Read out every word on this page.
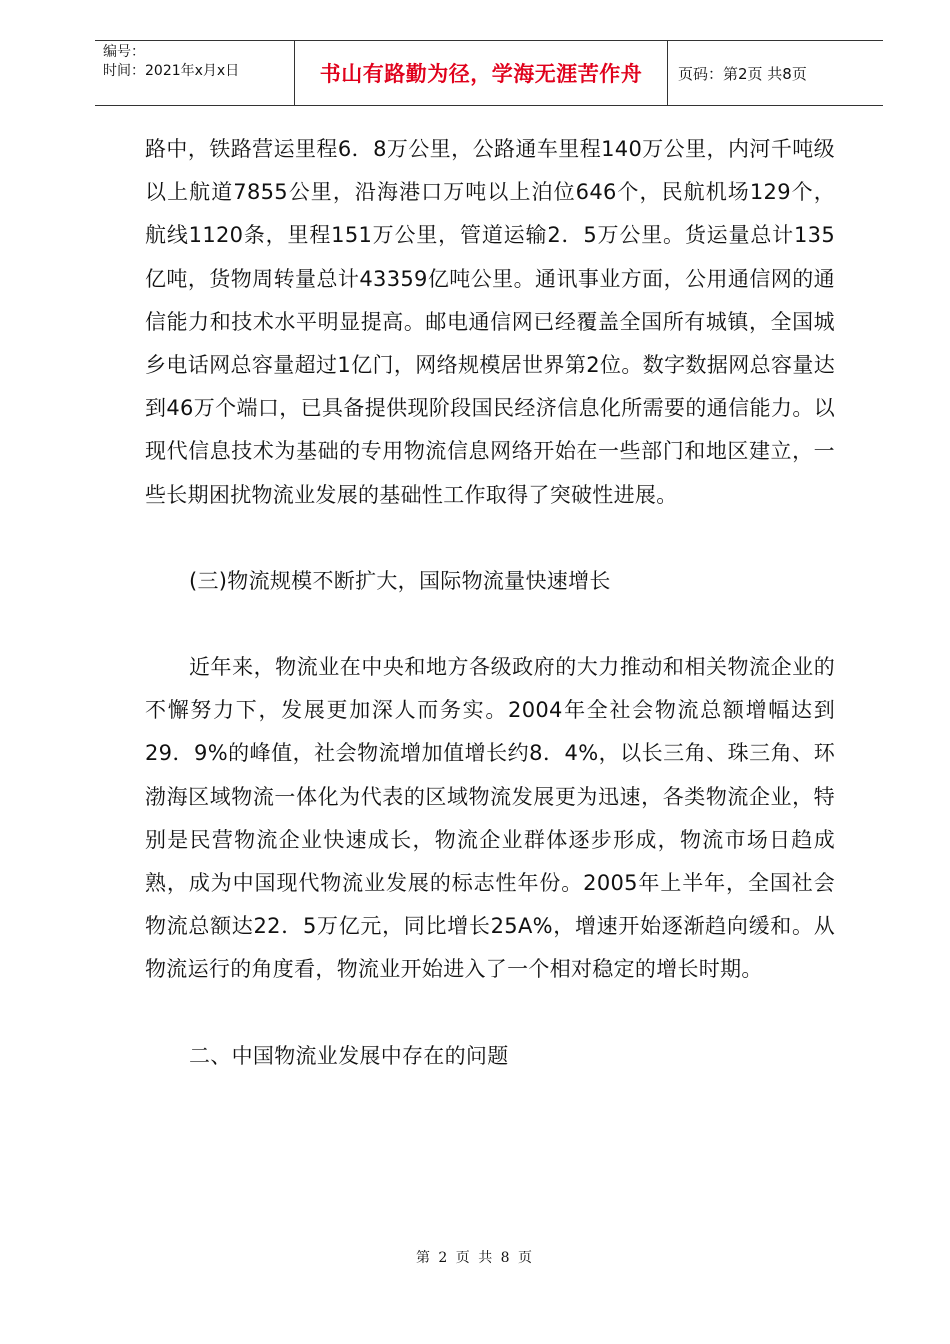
编号：
时间：2021年x月x日	书山有路勤为径，学海无涯苦作舟	页码：第2页 共8页

路中，铁路营运里程6．8万公里，公路通车里程140万公里，内河千吨级以上航道7855公里，沿海港口万吨以上泊位646个，民航机场129个，航线1120条，里程151万公里，管道运输2．5万公里。货运量总计135亿吨，货物周转量总计43359亿吨公里。通讯事业方面，公用通信网的通信能力和技术水平明显提高。邮电通信网已经覆盖全国所有城镇，全国城乡电话网总容量超过1亿门，网络规模居世界第2位。数字数据网总容量达到46万个端口，已具备提供现阶段国民经济信息化所需要的通信能力。以现代信息技术为基础的专用物流信息网络开始在一些部门和地区建立，一些长期困扰物流业发展的基础性工作取得了突破性进展。

(三)物流规模不断扩大，国际物流量快速增长

近年来，物流业在中央和地方各级政府的大力推动和相关物流企业的不懈努力下，发展更加深人而务实。2004年全社会物流总额增幅达到29．9%的峰值，社会物流增加值增长约8．4%，以长三角、珠三角、环渤海区域物流一体化为代表的区域物流发展更为迅速，各类物流企业，特别是民营物流企业快速成长，物流企业群体逐步形成，物流市场日趋成熟，成为中国现代物流业发展的标志性年份。2005年上半年，全国社会物流总额达22．5万亿元，同比增长25A%，增速开始逐渐趋向缓和。从物流运行的角度看，物流业开始进入了一个相对稳定的增长时期。

二、中国物流业发展中存在的问题

第 2 页 共 8 页
